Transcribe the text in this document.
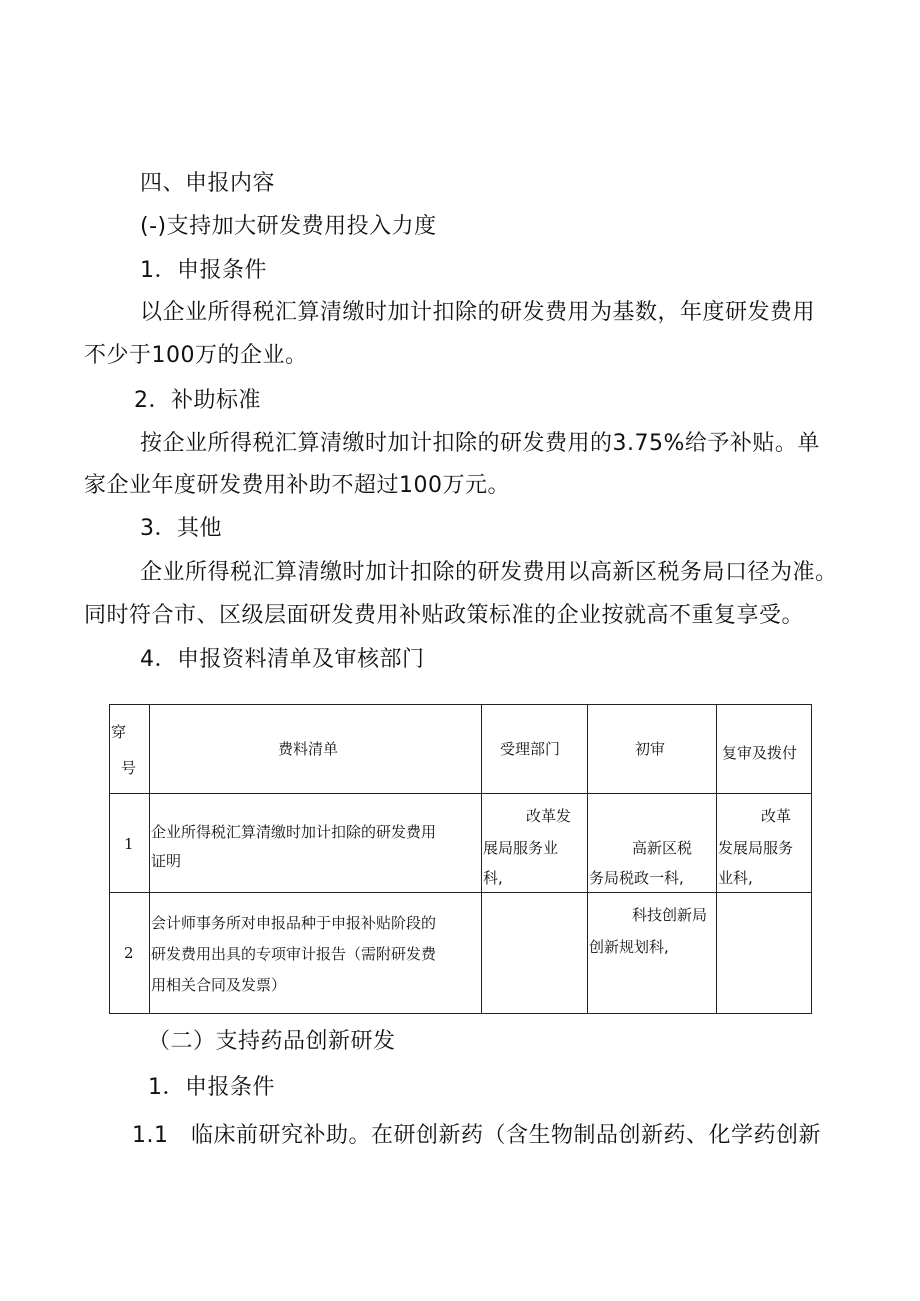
四、申报内容
(-)支持加大研发费用投入力度
1．申报条件
以企业所得税汇算清缴时加计扣除的研发费用为基数，年度研发费用
不少于100万的企业。
2．补助标准
按企业所得税汇算清缴时加计扣除的研发费用的3.75%给予补贴。单
家企业年度研发费用补助不超过100万元。
3．其他
企业所得税汇算清缴时加计扣除的研发费用以高新区税务局口径为准。
同时符合市、区级层面研发费用补贴政策标准的企业按就高不重复享受。
4．申报资料清单及审核部门
穿
号	费料清单	受理部门	初审	复审及拨付

1	企业所得税汇算清缴时加计扣除的研发费用
证明	改革发
展局服务业
科,	高新区税
务局税政一科,	改革
发展局服务
业科,

2	会计师事务所对申报品种于申报补贴阶段的
研发费用出具的专项审计报告（需附研发费
用相关合同及发票）		科技创新局
创新规划科,	

（二）支持药品创新研发
1．申报条件
1.1　临床前研究补助。在研创新药（含生物制品创新药、化学药创新
